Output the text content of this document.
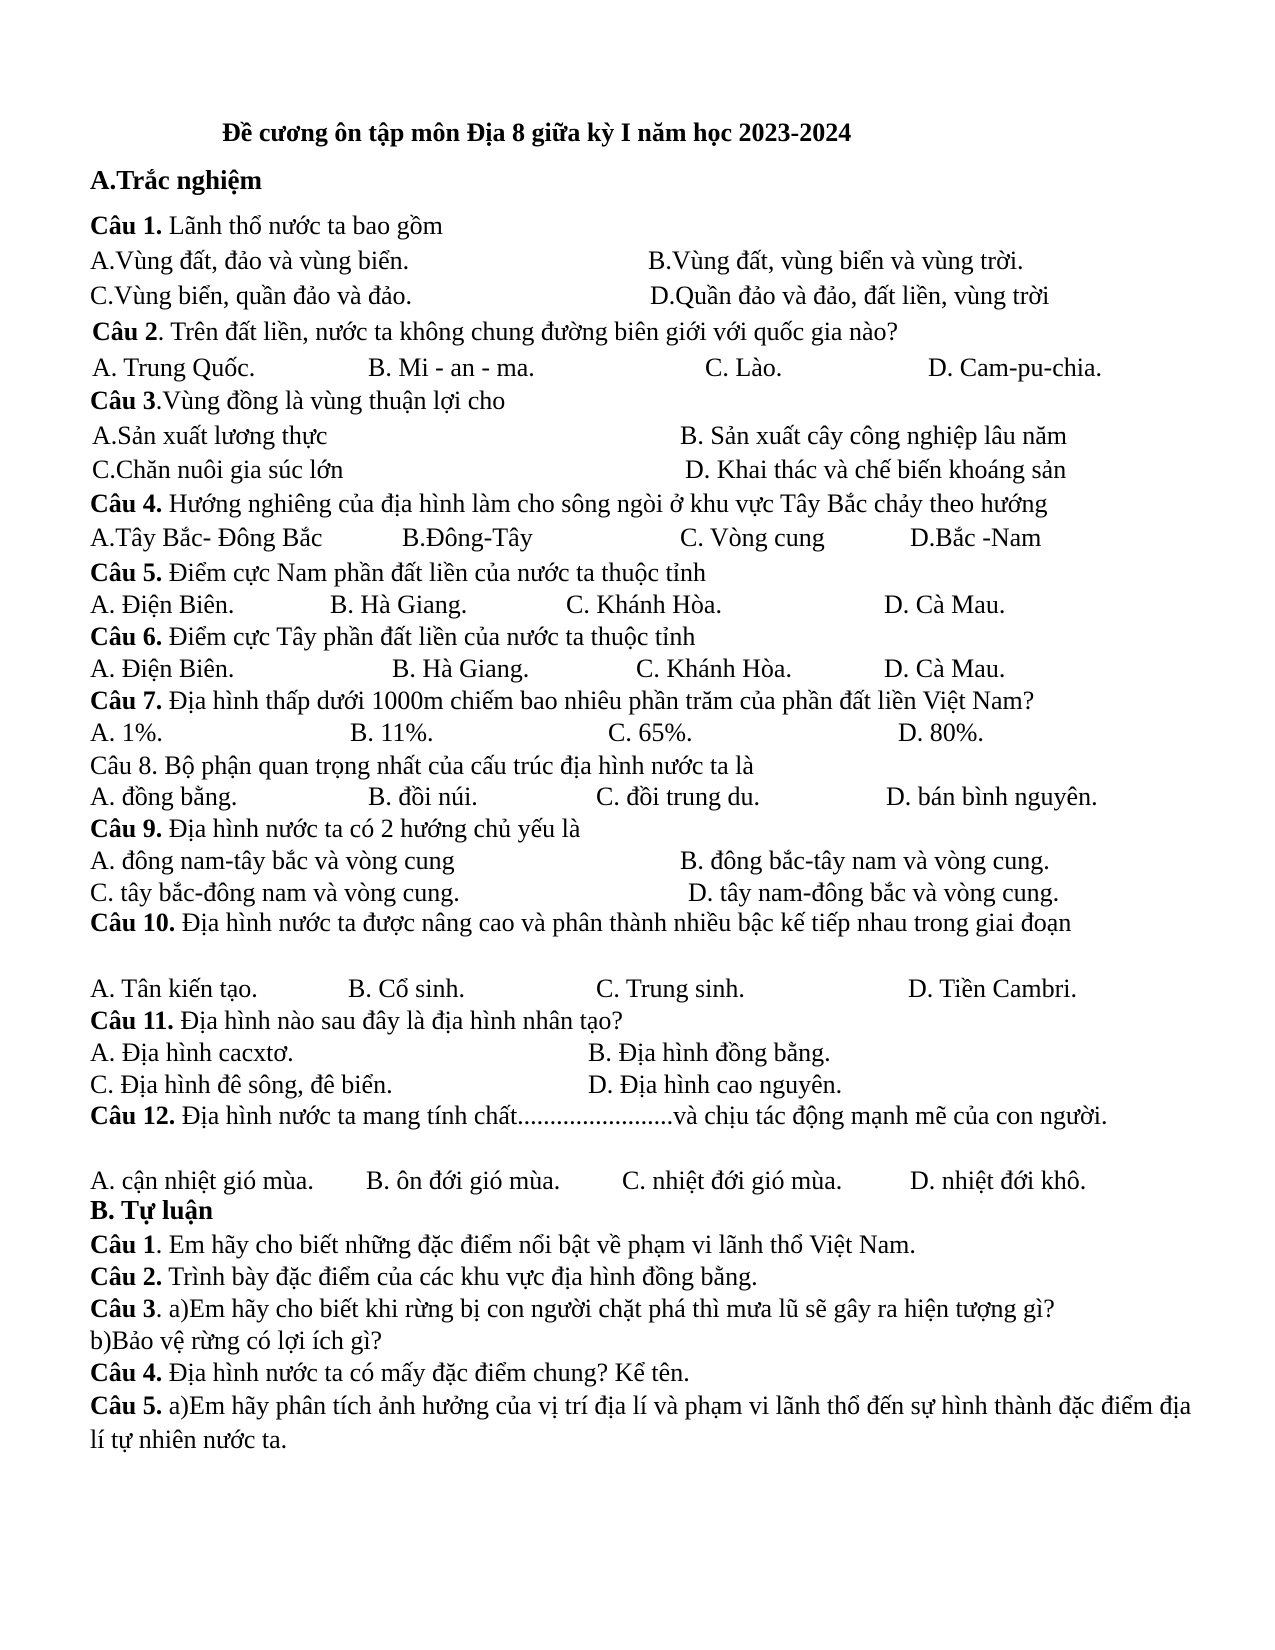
Đề cương ôn tập môn Địa 8 giữa kỳ I năm học 2023-2024
A.Trắc nghiệm
Câu 1. Lãnh thổ nước ta bao gồm
A.Vùng đất, đảo và vùng biển.	B.Vùng đất, vùng biển và vùng trời.
C.Vùng biển, quần đảo và đảo.	D.Quần đảo và đảo, đất liền, vùng trời
Câu 2. Trên đất liền, nước ta không chung đường biên giới với quốc gia nào?
A. Trung Quốc.	B. Mi - an - ma.	C. Lào.	D. Cam-pu-chia.
Câu 3.Vùng đồng là vùng thuận lợi cho
A.Sản xuất lương thực	B. Sản xuất cây công nghiệp lâu năm
C.Chăn nuôi gia súc lớn	D. Khai thác và chế biến khoáng sản
Câu 4. Hướng nghiêng của địa hình làm cho sông ngòi ở khu vực Tây Bắc chảy theo hướng
A.Tây Bắc- Đông Bắc	B.Đông-Tây	C. Vòng cung	D.Bắc -Nam
Câu 5. Điểm cực Nam phần đất liền của nước ta thuộc tỉnh
A. Điện Biên.	B. Hà Giang.	C. Khánh Hòa.	D. Cà Mau.
Câu 6. Điểm cực Tây phần đất liền của nước ta thuộc tỉnh
A. Điện Biên.	B. Hà Giang.	C. Khánh Hòa.	D. Cà Mau.
Câu 7. Địa hình thấp dưới 1000m chiếm bao nhiêu phần trăm của phần đất liền Việt Nam?
A. 1%.	B. 11%.	C. 65%.	D. 80%.
Câu 8. Bộ phận quan trọng nhất của cấu trúc địa hình nước ta là
A. đồng bằng.	B. đồi núi.	C. đồi trung du.	D. bán bình nguyên.
Câu 9. Địa hình nước ta có 2 hướng chủ yếu là
A. đông nam-tây bắc và vòng cung	B. đông bắc-tây nam và vòng cung.
C. tây bắc-đông nam và vòng cung.	D. tây nam-đông bắc và vòng cung.
Câu 10. Địa hình nước ta được nâng cao và phân thành nhiều bậc kế tiếp nhau trong giai đoạn
A. Tân kiến tạo.	B. Cổ sinh.	C. Trung sinh.	D. Tiền Cambri.
Câu 11. Địa hình nào sau đây là địa hình nhân tạo?
A. Địa hình cacxtơ.	B. Địa hình đồng bằng.
C. Địa hình đê sông, đê biển.	D. Địa hình cao nguyên.
Câu 12. Địa hình nước ta mang tính chất........................và chịu tác động mạnh mẽ của con người.
A. cận nhiệt gió mùa. B. ôn đới gió mùa. C. nhiệt đới gió mùa.	D. nhiệt đới khô.
B. Tự luận
Câu 1. Em hãy cho biết những đặc điểm nổi bật về phạm vi lãnh thổ Việt Nam.
Câu 2. Trình bày đặc điểm của các khu vực địa hình đồng bằng.
Câu 3. a)Em hãy cho biết khi rừng bị con người chặt phá thì mưa lũ sẽ gây ra hiện tượng gì?
b)Bảo vệ rừng có lợi ích gì?
Câu 4. Địa hình nước ta có mấy đặc điểm chung? Kể tên.
Câu 5. a)Em hãy phân tích ảnh hưởng của vị trí địa lí và phạm vi lãnh thổ đến sự hình thành đặc điểm địa lí tự nhiên nước ta.
